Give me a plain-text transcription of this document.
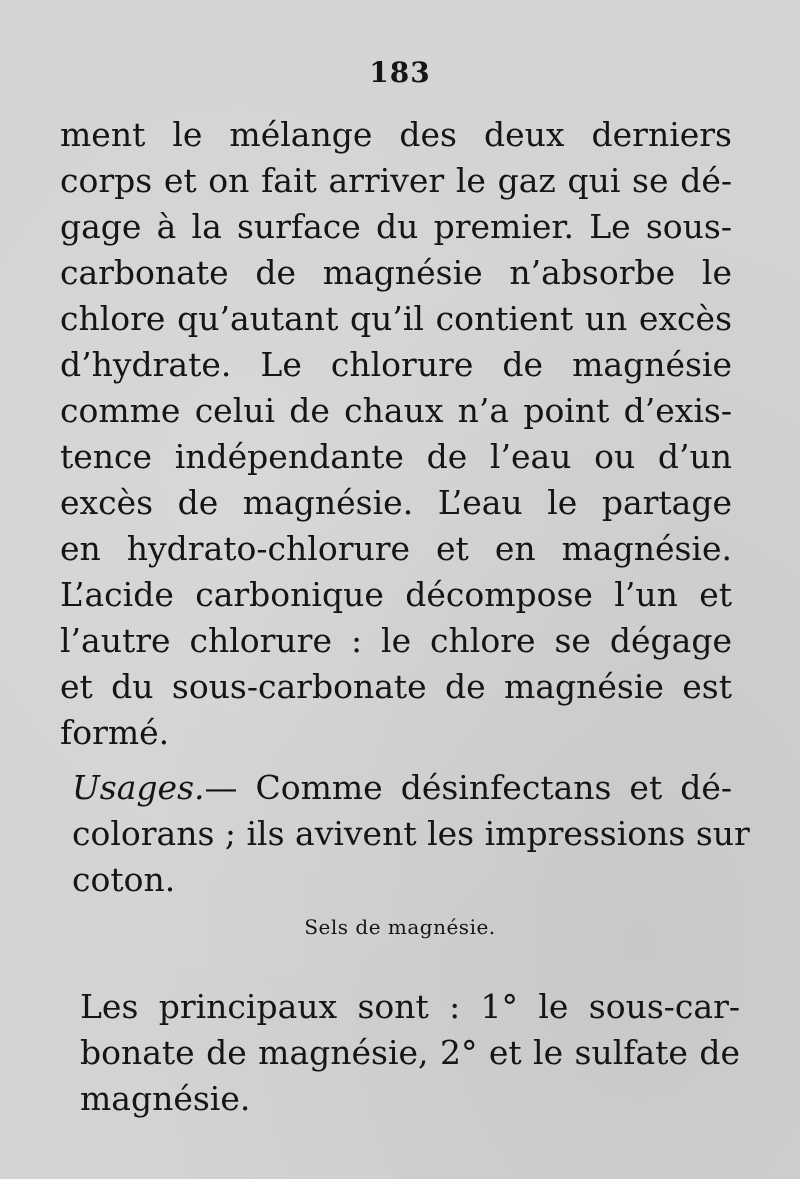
183
ment le mélange des deux derniers
corps et on fait arriver le gaz qui se dé-
gage à la surface du premier. Le sous-
carbonate de magnésie n’absorbe le
chlore qu’autant qu’il contient un excès
d’hydrate. Le chlorure de magnésie
comme celui de chaux n’a point d’exis-
tence indépendante de l’eau ou d’un
excès de magnésie. L’eau le partage
en hydrato-chlorure et en magnésie.
L’acide carbonique décompose l’un et
l’autre chlorure : le chlore se dégage
et du sous-carbonate de magnésie est
formé.
Usages.— Comme désinfectans et dé-
colorans ; ils avivent les impressions sur
coton.
Sels de magnésie.
Les principaux sont : 1° le sous-car-
bonate de magnésie, 2° et le sulfate de
magnésie.
